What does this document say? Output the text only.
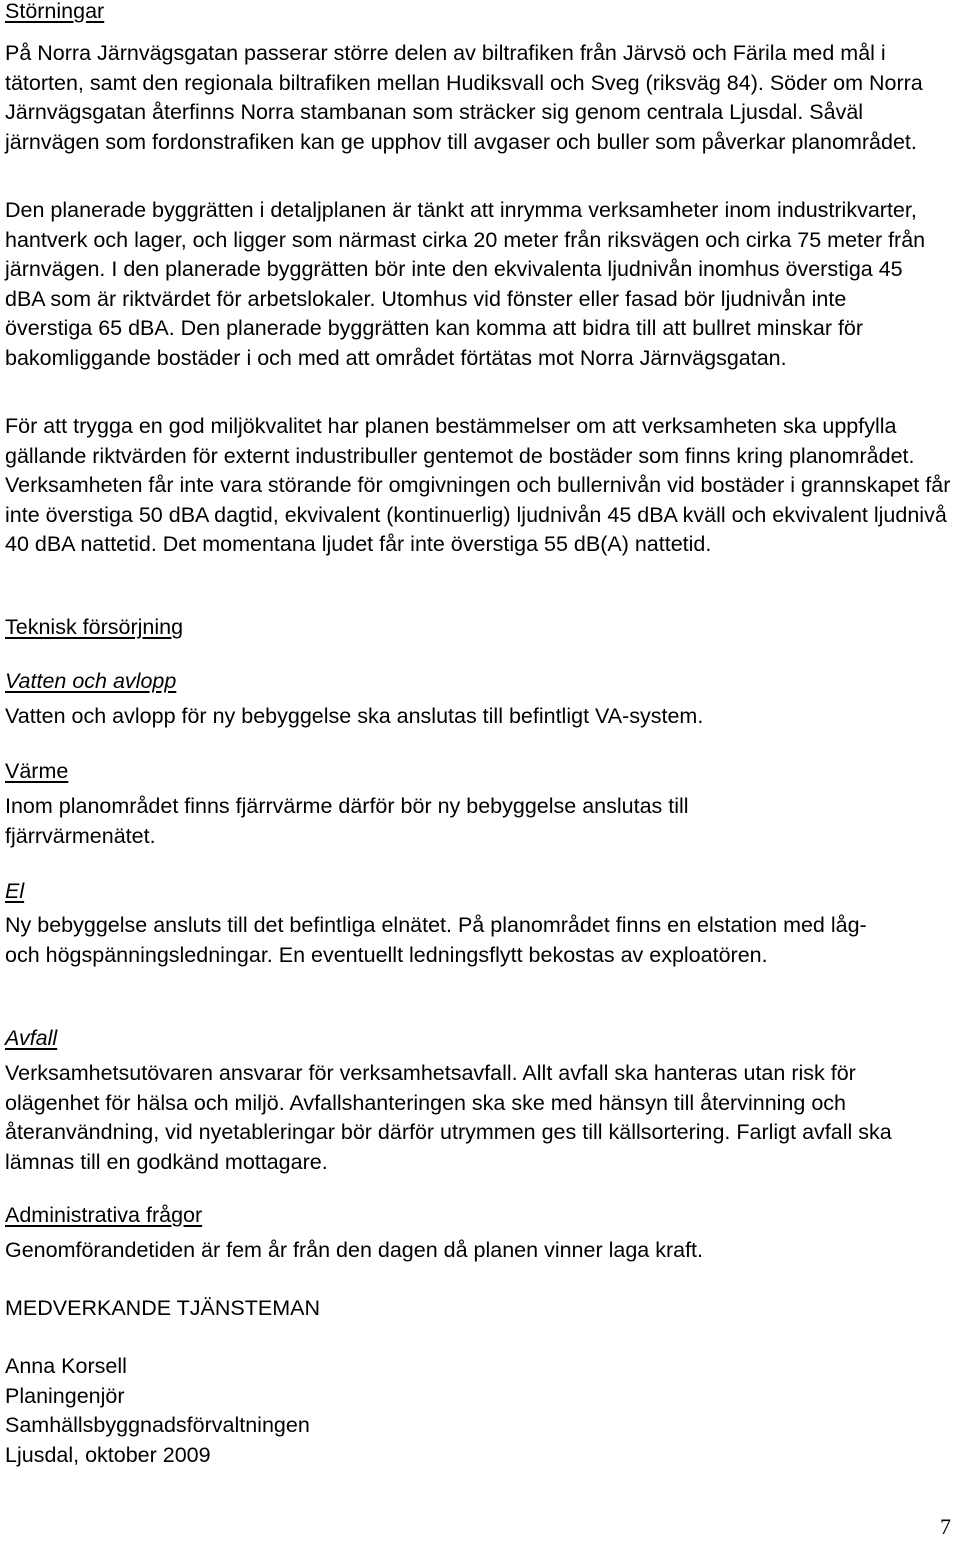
Störningar

På Norra Järnvägsgatan passerar större delen av biltrafiken från Järvsö och Färila med mål i tätorten, samt den regionala biltrafiken mellan Hudiksvall och Sveg (riksväg 84). Söder om Norra Järnvägsgatan återfinns Norra stambanan som sträcker sig genom centrala Ljusdal. Såväl järnvägen som fordonstrafiken kan ge upphov till avgaser och buller som påverkar planområdet.

Den planerade byggrätten i detaljplanen är tänkt att inrymma verksamheter inom industrikvarter, hantverk och lager, och ligger som närmast cirka 20 meter från riksvägen och cirka 75 meter från järnvägen. I den planerade byggrätten bör inte den ekvivalenta ljudnivån inomhus överstiga 45 dBA som är riktvärdet för arbetslokaler. Utomhus vid fönster eller fasad bör ljudnivån inte överstiga 65 dBA. Den planerade byggrätten kan komma att bidra till att bullret minskar för bakomliggande bostäder i och med att området förtätas mot Norra Järnvägsgatan.

För att trygga en god miljökvalitet har planen bestämmelser om att verksamheten ska uppfylla gällande riktvärden för externt industribuller gentemot de bostäder som finns kring planområdet. Verksamheten får inte vara störande för omgivningen och bullernivån vid bostäder i grannskapet får inte överstiga 50 dBA dagtid, ekvivalent (kontinuerlig) ljudnivån 45 dBA kväll och ekvivalent ljudnivå 40 dBA nattetid. Det momentana ljudet får inte överstiga 55 dB(A) nattetid.

Teknisk försörjning
Vatten och avlopp

Vatten och avlopp för ny bebyggelse ska anslutas till befintligt VA-system.

Värme

Inom planområdet finns fjärrvärme därför bör ny bebyggelse anslutas till fjärrvärmenätet.

El

Ny bebyggelse ansluts till det befintliga elnätet. På planområdet finns en elstation med låg- och högspänningsledningar. En eventuellt ledningsflytt bekostas av exploatören.

Avfall

Verksamhetsutövaren ansvarar för verksamhetsavfall. Allt avfall ska hanteras utan risk för olägenhet för hälsa och miljö. Avfallshanteringen ska ske med hänsyn till återvinning och återanvändning, vid nyetableringar bör därför utrymmen ges till källsortering. Farligt avfall ska lämnas till en godkänd mottagare.

Administrativa frågor

Genomförandetiden är fem år från den dagen då planen vinner laga kraft.

MEDVERKANDE TJÄNSTEMAN

Anna Korsell

Planingenjör

Samhällsbyggnadsförvaltningen

Ljusdal, oktober 2009

7
